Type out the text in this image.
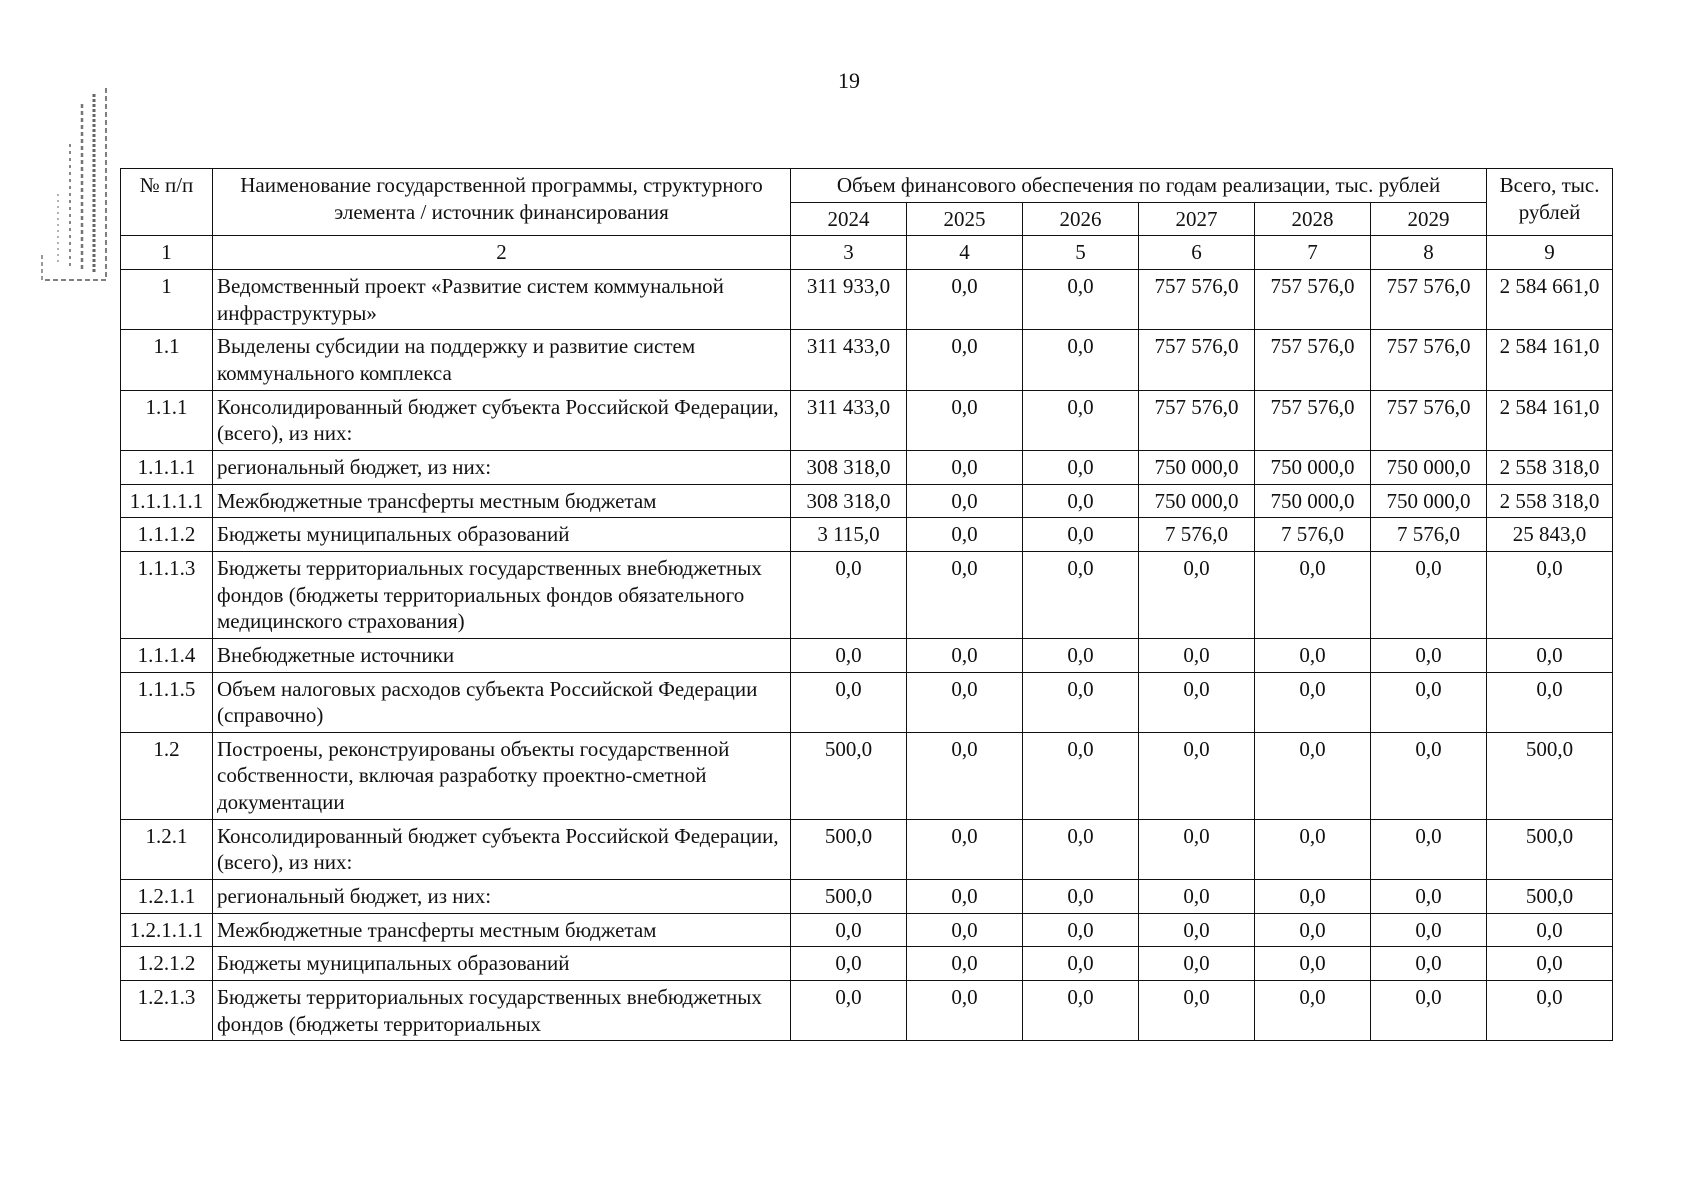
19
№ п/п	Наименование государственной программы, структурного элемента / источник финансирования	Объем финансового обеспечения по годам реализации, тыс. рублей						Всего, тыс. рублей
		2024	2025	2026	2027	2028	2029	
1	2	3	4	5	6	7	8	9
1	Ведомственный проект «Развитие систем коммунальной инфраструктуры»	311 933,0	0,0	0,0	757 576,0	757 576,0	757 576,0	2 584 661,0
1.1	Выделены субсидии на поддержку и развитие систем коммунального комплекса	311 433,0	0,0	0,0	757 576,0	757 576,0	757 576,0	2 584 161,0
1.1.1	Консолидированный бюджет субъекта Российской Федерации, (всего), из них:	311 433,0	0,0	0,0	757 576,0	757 576,0	757 576,0	2 584 161,0
1.1.1.1	региональный бюджет, из них:	308 318,0	0,0	0,0	750 000,0	750 000,0	750 000,0	2 558 318,0
1.1.1.1.1	Межбюджетные трансферты местным бюджетам	308 318,0	0,0	0,0	750 000,0	750 000,0	750 000,0	2 558 318,0
1.1.1.2	Бюджеты муниципальных образований	3 115,0	0,0	0,0	7 576,0	7 576,0	7 576,0	25 843,0
1.1.1.3	Бюджеты территориальных государственных внебюджетных фондов (бюджеты территориальных фондов обязательного медицинского страхования)	0,0	0,0	0,0	0,0	0,0	0,0	0,0
1.1.1.4	Внебюджетные источники	0,0	0,0	0,0	0,0	0,0	0,0	0,0
1.1.1.5	Объем налоговых расходов субъекта Российской Федерации (справочно)	0,0	0,0	0,0	0,0	0,0	0,0	0,0
1.2	Построены, реконструированы объекты государственной собственности, включая разработку проектно-сметной документации	500,0	0,0	0,0	0,0	0,0	0,0	500,0
1.2.1	Консолидированный бюджет субъекта Российской Федерации, (всего), из них:	500,0	0,0	0,0	0,0	0,0	0,0	500,0
1.2.1.1	региональный бюджет, из них:	500,0	0,0	0,0	0,0	0,0	0,0	500,0
1.2.1.1.1	Межбюджетные трансферты местным бюджетам	0,0	0,0	0,0	0,0	0,0	0,0	0,0
1.2.1.2	Бюджеты муниципальных образований	0,0	0,0	0,0	0,0	0,0	0,0	0,0
1.2.1.3	Бюджеты территориальных государственных внебюджетных фондов (бюджеты территориальных	0,0	0,0	0,0	0,0	0,0	0,0	0,0
